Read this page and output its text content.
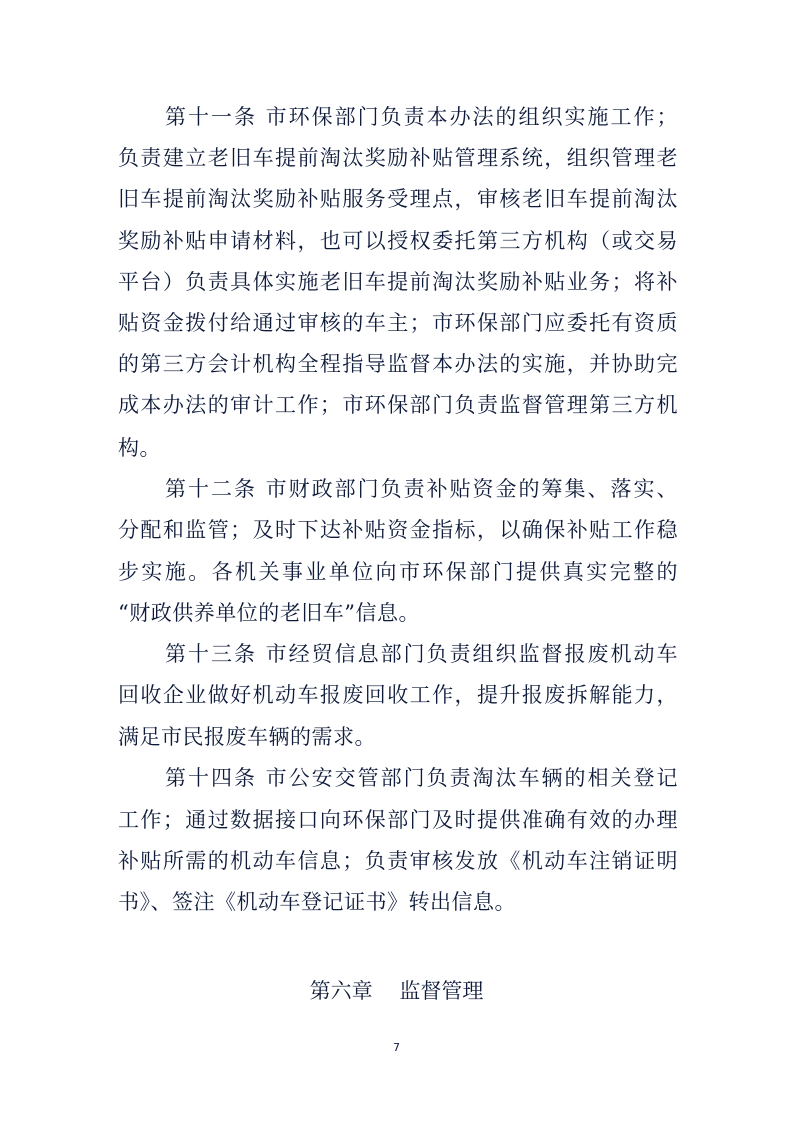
第十一条 市环保部门负责本办法的组织实施工作；
负责建立老旧车提前淘汰奖励补贴管理系统，组织管理老
旧车提前淘汰奖励补贴服务受理点，审核老旧车提前淘汰
奖励补贴申请材料，也可以授权委托第三方机构（或交易
平台）负责具体实施老旧车提前淘汰奖励补贴业务；将补
贴资金拨付给通过审核的车主；市环保部门应委托有资质
的第三方会计机构全程指导监督本办法的实施，并协助完
成本办法的审计工作；市环保部门负责监督管理第三方机
构。
第十二条 市财政部门负责补贴资金的筹集、落实、
分配和监管；及时下达补贴资金指标，以确保补贴工作稳
步实施。各机关事业单位向市环保部门提供真实完整的
“财政供养单位的老旧车”信息。
第十三条 市经贸信息部门负责组织监督报废机动车
回收企业做好机动车报废回收工作，提升报废拆解能力，
满足市民报废车辆的需求。
第十四条 市公安交管部门负责淘汰车辆的相关登记
工作；通过数据接口向环保部门及时提供准确有效的办理
补贴所需的机动车信息；负责审核发放《机动车注销证明
书》、签注《机动车登记证书》转出信息。
第六章    监督管理
7
